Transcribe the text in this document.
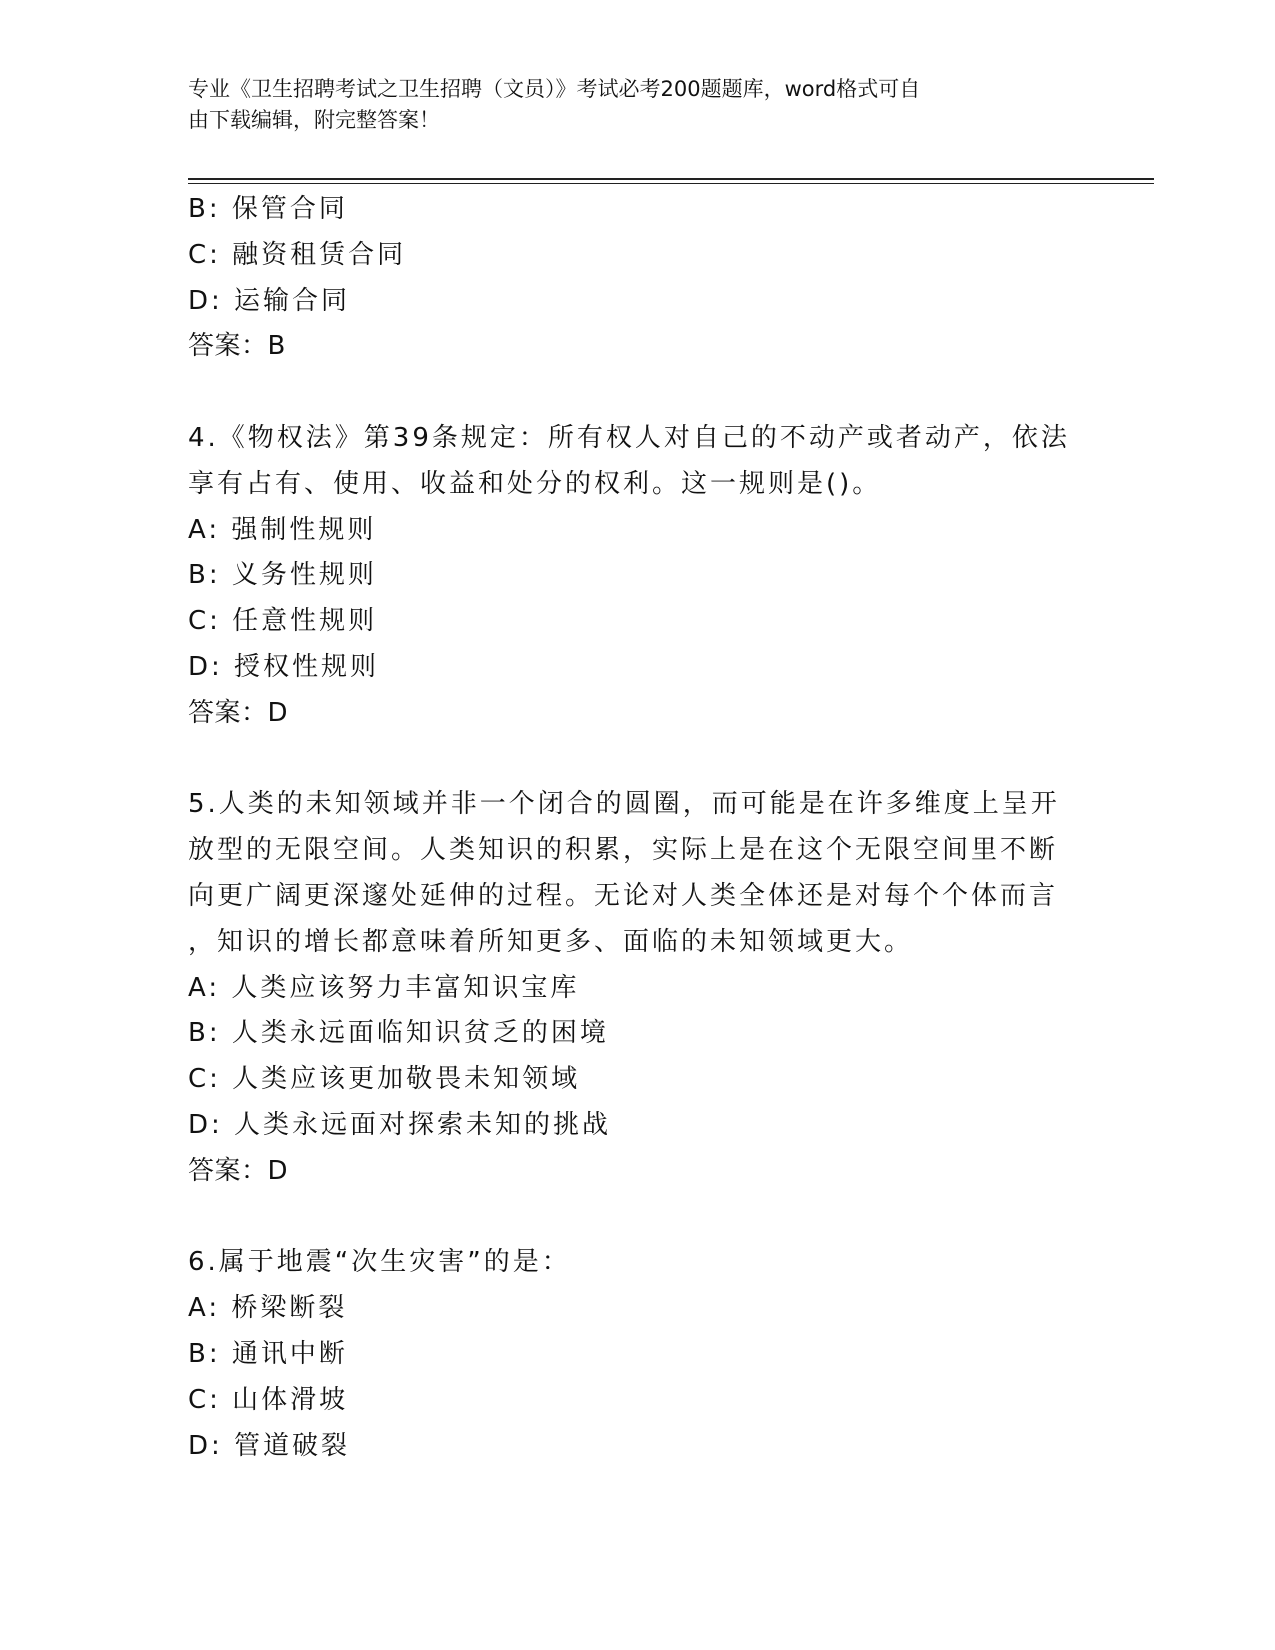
专业《卫生招聘考试之卫生招聘（文员）》考试必考200题题库，word格式可自
由下载编辑，附完整答案！
B: 保管合同
C: 融资租赁合同
D: 运输合同
答案：B
4.《物权法》第39条规定：所有权人对自己的不动产或者动产，依法
享有占有、使用、收益和处分的权利。这一规则是()。
A: 强制性规则
B: 义务性规则
C: 任意性规则
D: 授权性规则
答案：D
5.人类的未知领域并非一个闭合的圆圈，而可能是在许多维度上呈开
放型的无限空间。人类知识的积累，实际上是在这个无限空间里不断
向更广阔更深邃处延伸的过程。无论对人类全体还是对每个个体而言
，知识的增长都意味着所知更多、面临的未知领域更大。
A: 人类应该努力丰富知识宝库
B: 人类永远面临知识贫乏的困境
C: 人类应该更加敬畏未知领域
D: 人类永远面对探索未知的挑战
答案：D
6.属于地震“次生灾害”的是：
A: 桥梁断裂
B: 通讯中断
C: 山体滑坡
D: 管道破裂
